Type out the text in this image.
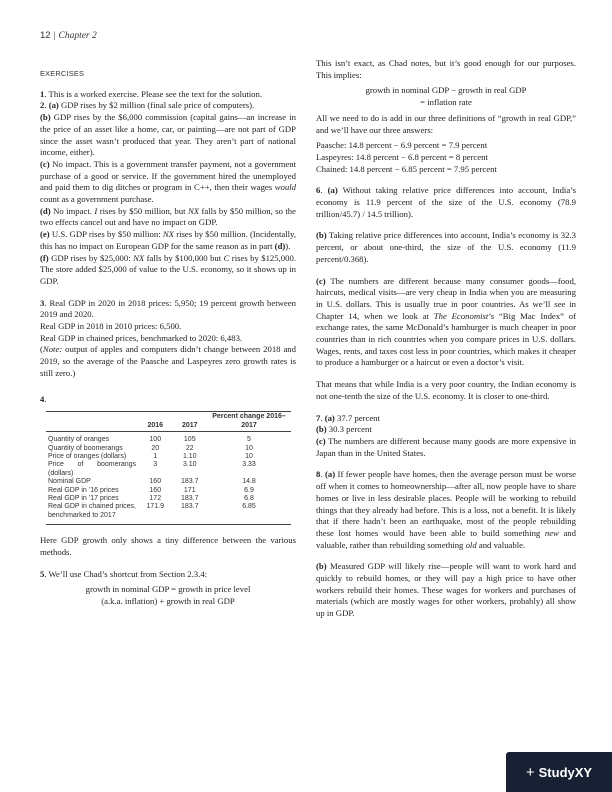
12 | Chapter 2
EXERCISES

1. This is a worked exercise. Please see the text for the solution.

2. (a) GDP rises by $2 million (final sale price of computers).

(b) GDP rises by the $6,000 commission (capital gains—an increase in the price of an asset like a home, car, or painting—are not part of GDP since the asset wasn’t produced that year. They aren’t part of national income, either).

(c) No impact. This is a government transfer payment, not a government purchase of a good or service. If the government hired the unemployed and paid them to dig ditches or program in C++, then their wages would count as a government purchase.

(d) No impact. I rises by $50 million, but NX falls by $50 million, so the two effects cancel out and have no impact on GDP.

(e) U.S. GDP rises by $50 million: NX rises by $50 million. (Incidentally, this has no impact on European GDP for the same reason as in part (d)).

(f) GDP rises by $25,000: NX falls by $100,000 but C rises by $125,000. The store added $25,000 of value to the U.S. economy, so it shows up in GDP.

3. Real GDP in 2020 in 2018 prices: 5,950; 19 percent growth between 2019 and 2020.

Real GDP in 2018 in 2010 prices: 6,500.

Real GDP in chained prices, benchmarked to 2020: 6,483.

(Note: output of apples and computers didn’t change between 2018 and 2019, so the average of the Paasche and Laspeyres zero growth rates is still zero.)

4.

	2016	2017	Percent change 2016–2017
Quantity of oranges	100	105	5
Quantity of boomerangs	20	22	10
Price of oranges (dollars)	1	1.10	10
Price of boomerangs (dollars)	3	3.10	3.33
Nominal GDP	160	183.7	14.8
Real GDP in ’16 prices	160	171	6.9
Real GDP in ’17 prices	172	183.7	6.8
Real GDP in chained prices, benchmarked to 2017	171.9	183.7	6.85

Here GDP growth only shows a tiny difference between the various methods.

5. We’ll use Chad’s shortcut from Section 2.3.4:

growth in nominal GDP = growth in price level

(a.k.a. inflation) + growth in real GDP

This isn’t exact, as Chad notes, but it’s good enough for our purposes. This implies:

growth in nominal GDP − growth in real GDP

= inflation rate

All we need to do is add in our three definitions of “growth in real GDP,” and we’ll have our three answers:

Paasche: 14.8 percent − 6.9 percent = 7.9 percent

Laspeyres: 14.8 percent − 6.8 percent = 8 percent

Chained: 14.8 percent − 6.85 percent = 7.95 percent

6. (a) Without taking relative price differences into account, India’s economy is 11.9 percent of the size of the U.S. economy (78.9 trillion/45.7) / 14.5 trillion).

(b) Taking relative price differences into account, India’s economy is 32.3 percent, or about one-third, the size of the U.S. economy (11.9 percent/0.368).

(c) The numbers are different because many consumer goods—food, haircuts, medical visits—are very cheap in India when you are measuring in U.S. dollars. This is usually true in poor countries. As we’ll see in Chapter 14, when we look at The Economist’s “Big Mac Index” of exchange rates, the same McDonald’s hamburger is much cheaper in poor countries than in rich countries when you compare prices in U.S. dollars. Wages, rents, and taxes cost less in poor countries, which makes it cheaper to produce a hamburger or a haircut or even a doctor’s visit.

That means that while India is a very poor country, the Indian economy is not one-tenth the size of the U.S. economy. It is closer to one-third.

7. (a) 37.7 percent

(b) 30.3 percent

(c) The numbers are different because many goods are more expensive in Japan than in the United States.

8. (a) If fewer people have homes, then the average person must be worse off when it comes to homeownership—after all, now people have to share homes or live in less desirable places. People will be working to rebuild things that they already had before. This is a loss, not a benefit. It is likely that if there hadn’t been an earthquake, most of the people rebuilding these lost homes would have been able to build something new and valuable, rather than rebuilding something old and valuable.

(b) Measured GDP will likely rise—people will want to work hard and quickly to rebuild homes, or they will pay a high price to have other workers rebuild their homes. These wages for workers and purchases of materials (which are mostly wages for other workers, probably) all show up in GDP.

+ StudyXY
